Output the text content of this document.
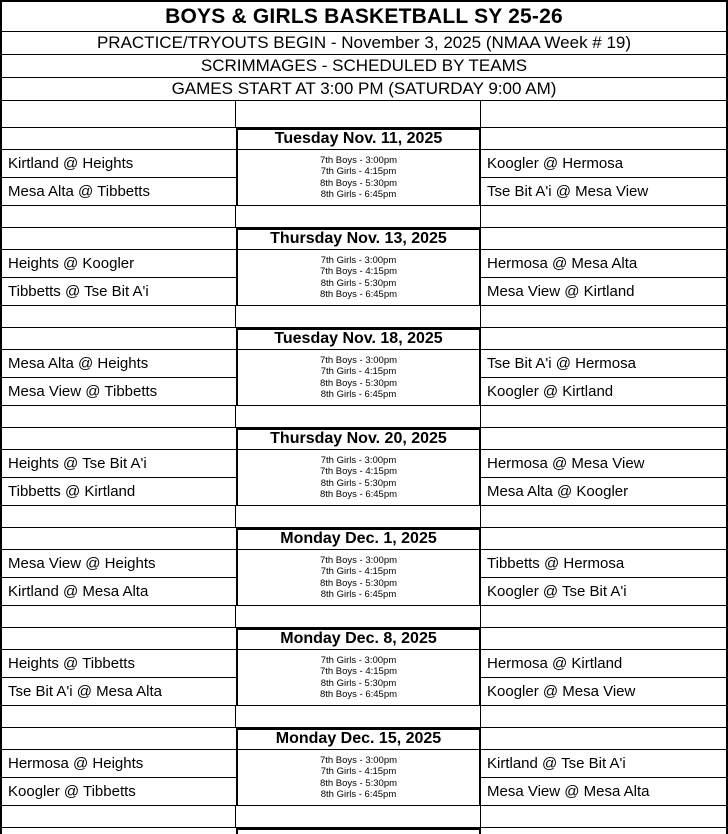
BOYS & GIRLS BASKETBALL SY 25-26
PRACTICE/TRYOUTS BEGIN - November 3, 2025 (NMAA Week # 19)
SCRIMMAGES - SCHEDULED BY TEAMS
GAMES START AT 3:00 PM (SATURDAY 9:00 AM)
Tuesday Nov. 11, 2025
Kirtland @ Heights
Mesa Alta @ Tibbetts
7th Boys - 3:00pm
7th Girls - 4:15pm
8th Boys - 5:30pm
8th Girls - 6:45pm
Koogler @ Hermosa
Tse Bit A'i @ Mesa View
Thursday Nov. 13, 2025
Heights @ Koogler
Tibbetts @ Tse Bit A'i
7th Girls - 3:00pm
7th Boys - 4:15pm
8th Girls - 5:30pm
8th Boys - 6:45pm
Hermosa @ Mesa Alta
Mesa View @ Kirtland
Tuesday Nov. 18, 2025
Mesa Alta @ Heights
Mesa View @ Tibbetts
7th Boys - 3:00pm
7th Girls - 4:15pm
8th Boys - 5:30pm
8th Girls - 6:45pm
Tse Bit A'i @ Hermosa
Koogler @ Kirtland
Thursday Nov. 20, 2025
Heights @ Tse Bit A'i
Tibbetts @ Kirtland
7th Girls - 3:00pm
7th Boys - 4:15pm
8th Girls - 5:30pm
8th Boys - 6:45pm
Hermosa @ Mesa View
Mesa Alta @ Koogler
Monday Dec. 1, 2025
Mesa View @ Heights
Kirtland @ Mesa Alta
7th Boys - 3:00pm
7th Girls - 4:15pm
8th Boys - 5:30pm
8th Girls - 6:45pm
Tibbetts @ Hermosa
Koogler @ Tse Bit A'i
Monday Dec. 8, 2025
Heights @ Tibbetts
Tse Bit A'i @ Mesa Alta
7th Girls - 3:00pm
7th Boys - 4:15pm
8th Girls - 5:30pm
8th Boys - 6:45pm
Hermosa @ Kirtland
Koogler @ Mesa View
Monday Dec. 15, 2025
Hermosa @ Heights
Koogler @ Tibbetts
7th Boys - 3:00pm
7th Girls - 4:15pm
8th Boys - 5:30pm
8th Girls - 6:45pm
Kirtland @ Tse Bit A'i
Mesa View @ Mesa Alta
